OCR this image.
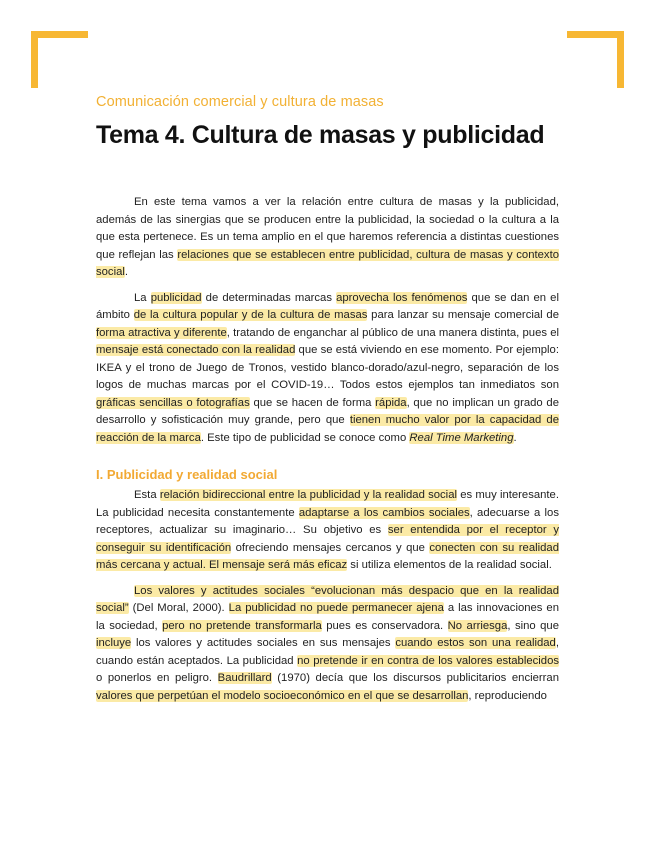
Comunicación comercial y cultura de masas
Tema 4. Cultura de masas y publicidad

En este tema vamos a ver la relación entre cultura de masas y la publicidad, además de las sinergias que se producen entre la publicidad, la sociedad o la cultura a la que esta pertenece. Es un tema amplio en el que haremos referencia a distintas cuestiones que reflejan las relaciones que se establecen entre publicidad, cultura de masas y contexto social.

La publicidad de determinadas marcas aprovecha los fenómenos que se dan en el ámbito de la cultura popular y de la cultura de masas para lanzar su mensaje comercial de forma atractiva y diferente, tratando de enganchar al público de una manera distinta, pues el mensaje está conectado con la realidad que se está viviendo en ese momento. Por ejemplo: IKEA y el trono de Juego de Tronos, vestido blanco-dorado/azul-negro, separación de los logos de muchas marcas por el COVID-19… Todos estos ejemplos tan inmediatos son gráficas sencillas o fotografías que se hacen de forma rápida, que no implican un grado de desarrollo y sofisticación muy grande, pero que tienen mucho valor por la capacidad de reacción de la marca. Este tipo de publicidad se conoce como Real Time Marketing.

I. Publicidad y realidad social

Esta relación bidireccional entre la publicidad y la realidad social es muy interesante. La publicidad necesita constantemente adaptarse a los cambios sociales, adecuarse a los receptores, actualizar su imaginario… Su objetivo es ser entendida por el receptor y conseguir su identificación ofreciendo mensajes cercanos y que conecten con su realidad más cercana y actual. El mensaje será más eficaz si utiliza elementos de la realidad social.

Los valores y actitudes sociales “evolucionan más despacio que en la realidad social” (Del Moral, 2000). La publicidad no puede permanecer ajena a las innovaciones en la sociedad, pero no pretende transformarla pues es conservadora. No arriesga, sino que incluye los valores y actitudes sociales en sus mensajes cuando estos son una realidad, cuando están aceptados. La publicidad no pretende ir en contra de los valores establecidos o ponerlos en peligro. Baudrillard (1970) decía que los discursos publicitarios encierran valores que perpetúan el modelo socioeconómico en el que se desarrollan, reproduciendo
